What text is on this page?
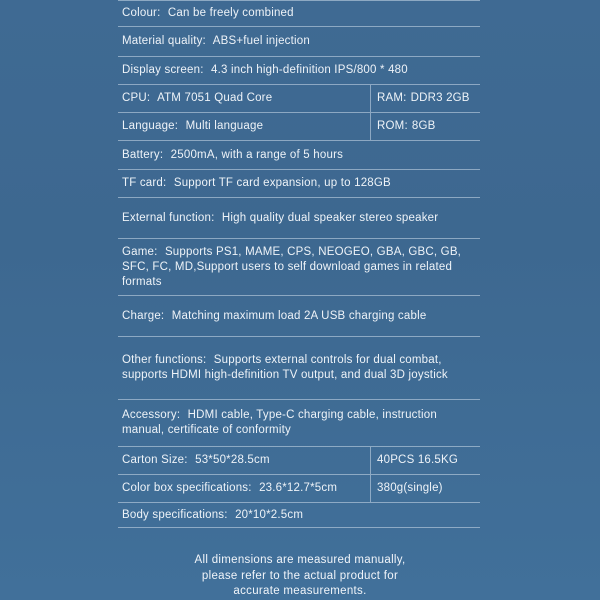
Colour: Can be freely combined
Material quality: ABS+fuel injection
Display screen: 4.3 inch high-definition IPS/800 * 480
CPU: ATM 7051 Quad Core	RAM : DDR3 2GB
Language: Multi language	ROM : 8GB
Battery: 2500mA, with a range of 5 hours
TF card: Support TF card expansion, up to 128GB
External function: High quality dual speaker stereo speaker
Game: Supports PS1, MAME, CPS, NEOGEO, GBA, GBC, GB, SFC, FC, MD,Support users to self download games in related formats
Charge: Matching maximum load 2A USB charging cable
Other functions: Supports external controls for dual combat, supports HDMI high-definition TV output, and dual 3D joystick
Accessory: HDMI cable, Type-C charging cable, instruction manual, certificate of conformity
Carton Size: 53*50*28.5cm	40PCS 16.5KG
Color box specifications: 23.6*12.7*5cm	380g(single)
Body specifications: 20*10*2.5cm
All dimensions are measured manually,
please refer to the actual product for
accurate measurements.
